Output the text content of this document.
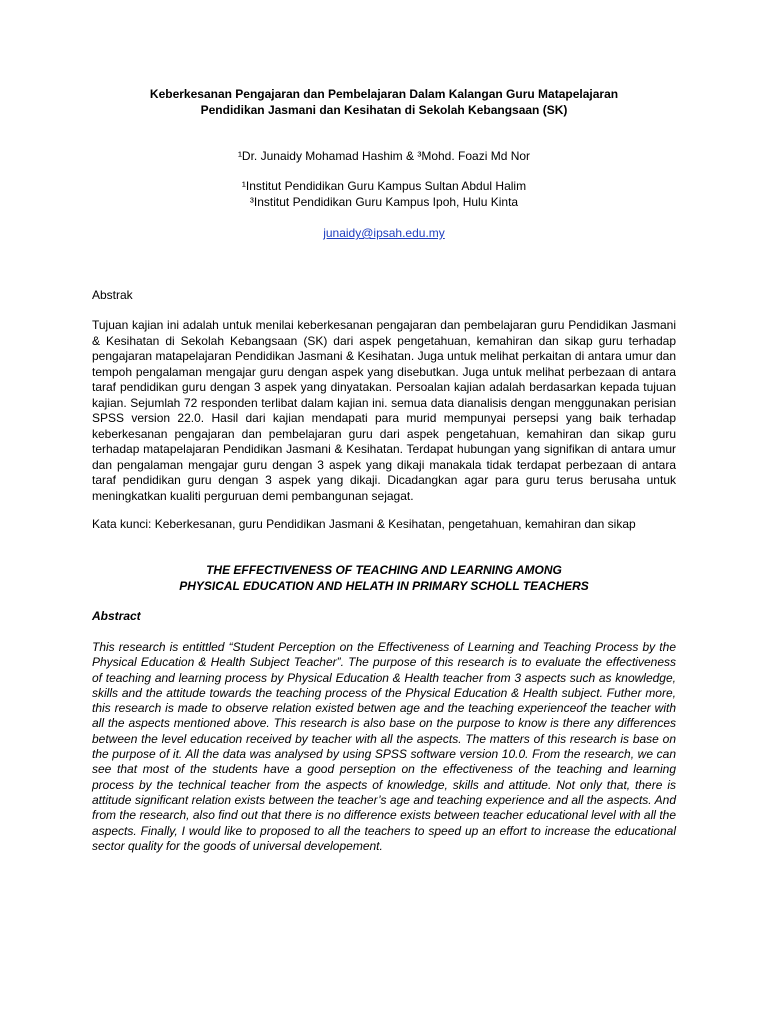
Keberkesanan Pengajaran dan Pembelajaran Dalam Kalangan Guru Matapelajaran
Pendidikan Jasmani dan Kesihatan di Sekolah Kebangsaan (SK)

¹Dr. Junaidy Mohamad Hashim & ³Mohd. Foazi Md Nor

¹Institut Pendidikan Guru Kampus Sultan Abdul Halim
³Institut Pendidikan Guru Kampus Ipoh, Hulu Kinta

junaidy@ipsah.edu.my

Abstrak

Tujuan kajian ini adalah untuk menilai keberkesanan pengajaran dan pembelajaran guru Pendidikan Jasmani & Kesihatan di Sekolah Kebangsaan (SK) dari aspek pengetahuan, kemahiran dan sikap guru terhadap pengajaran matapelajaran Pendidikan Jasmani & Kesihatan. Juga untuk melihat perkaitan di antara umur dan tempoh pengalaman mengajar guru dengan aspek yang disebutkan. Juga untuk melihat perbezaan di antara taraf pendidikan guru dengan 3 aspek yang dinyatakan. Persoalan kajian adalah berdasarkan kepada tujuan kajian. Sejumlah 72 responden terlibat dalam kajian ini. semua data dianalisis dengan menggunakan perisian SPSS version 22.0. Hasil dari kajian mendapati para murid mempunyai persepsi yang baik terhadap keberkesanan pengajaran dan pembelajaran guru dari aspek pengetahuan, kemahiran dan sikap guru terhadap matapelajaran Pendidikan Jasmani & Kesihatan. Terdapat hubungan yang signifikan di antara umur dan pengalaman mengajar guru dengan 3 aspek yang dikaji manakala tidak terdapat perbezaan di antara taraf pendidikan guru dengan 3 aspek yang dikaji. Dicadangkan agar para guru terus berusaha untuk meningkatkan kualiti perguruan demi pembangunan sejagat.

Kata kunci: Keberkesanan, guru Pendidikan Jasmani & Kesihatan, pengetahuan, kemahiran dan sikap

THE EFFECTIVENESS OF TEACHING AND LEARNING AMONG
PHYSICAL EDUCATION AND HELATH IN PRIMARY SCHOLL TEACHERS

Abstract

This research is entittled “Student Perception on the Effectiveness of Learning and Teaching Process by the Physical Education & Health Subject Teacher”. The purpose of this research is to evaluate the effectiveness of teaching and learning process by Physical Education & Health teacher from 3 aspects such as knowledge, skills and the attitude towards the teaching process of the Physical Education & Health subject. Futher more, this research is made to observe relation existed betwen age and the teaching experienceof the teacher with all the aspects mentioned above. This research is also base on the purpose to know is there any differences between the level education received by teacher with all the aspects. The matters of this research is base on the purpose of it. All the data was analysed by using SPSS software version 10.0. From the research, we can see that most of the students have a good perseption on the effectiveness of the teaching and learning process by the technical teacher from the aspects of knowledge, skills and attitude. Not only that, there is attitude significant relation exists between the teacher’s age and teaching experience and all the aspects. And from the research, also find out that there is no difference exists between teacher educational level with all the aspects. Finally, I would like to proposed to all the teachers to speed up an effort to increase the educational sector quality for the goods of universal developement.
